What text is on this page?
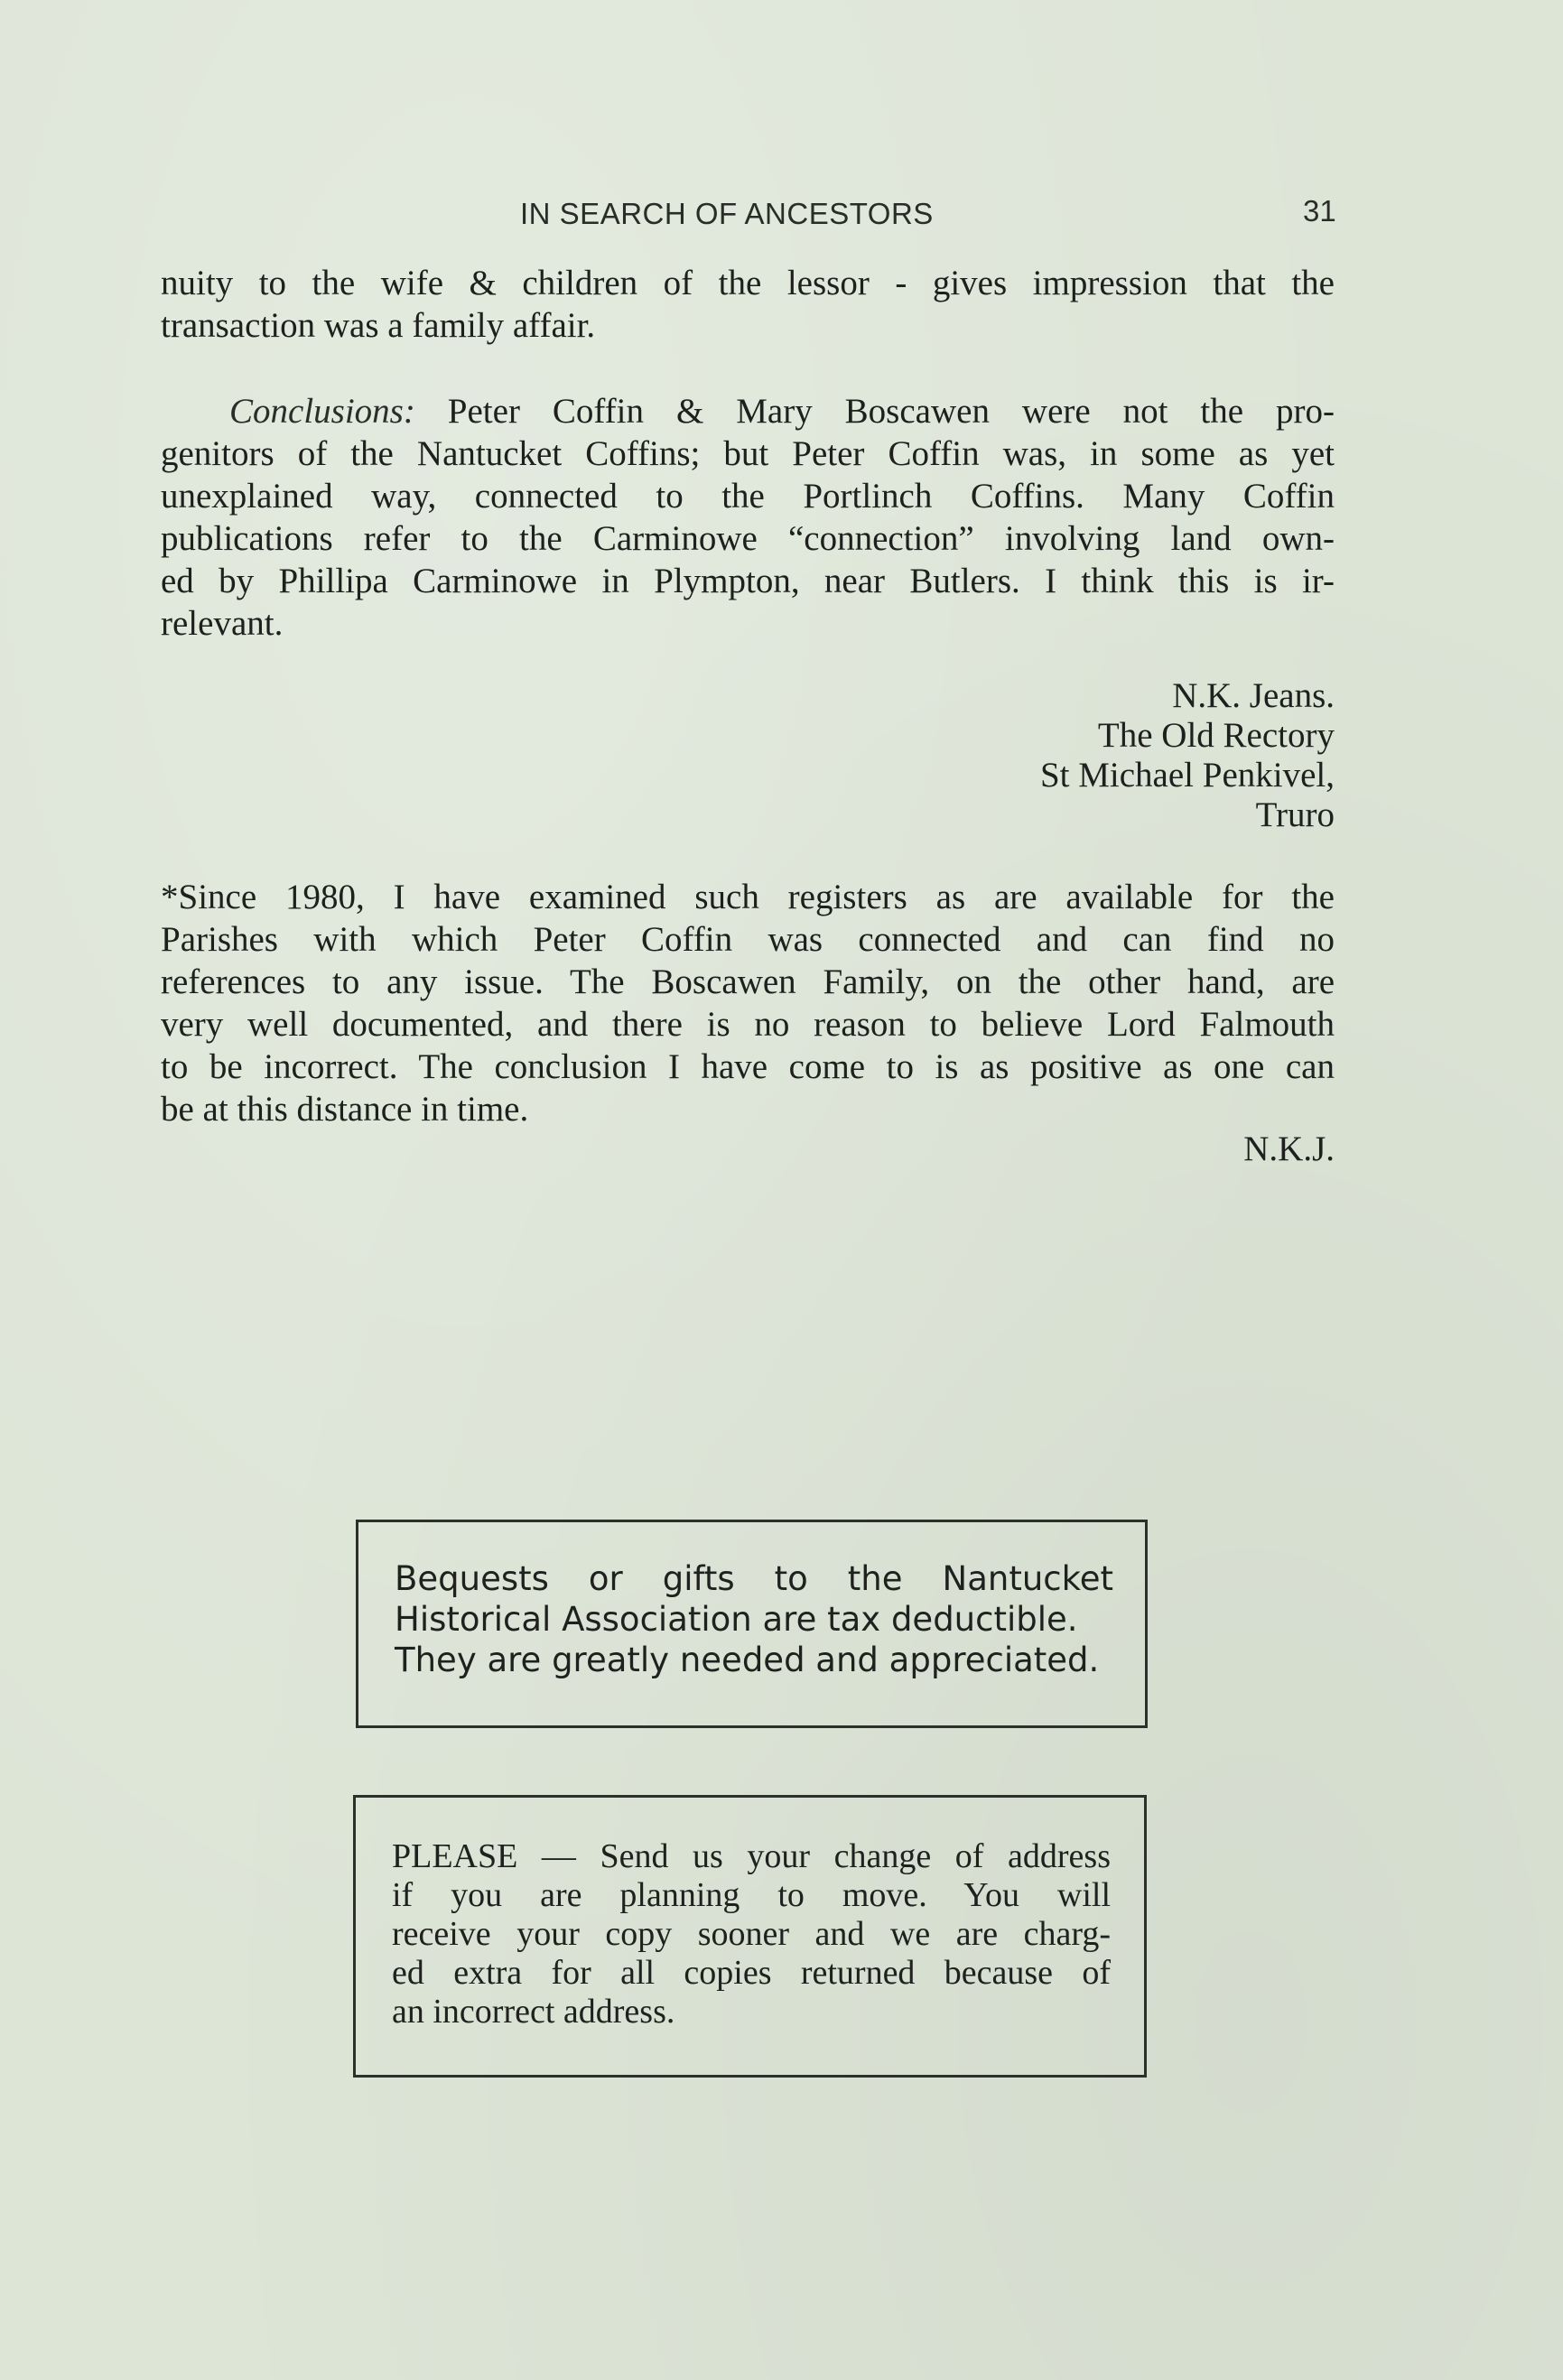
IN SEARCH OF ANCESTORS	31

nuity to the wife & children of the lessor - gives impression that the
transaction was a family affair.

Conclusions: Peter Coffin & Mary Boscawen were not the pro-
genitors of the Nantucket Coffins; but Peter Coffin was, in some as yet
unexplained way, connected to the Portlinch Coffins. Many Coffin
publications refer to the Carminowe “connection” involving land own-
ed by Phillipa Carminowe in Plympton, near Butlers. I think this is ir-
relevant.

N.K. Jeans.
The Old Rectory
St Michael Penkivel,
Truro

*Since 1980, I have examined such registers as are available for the
Parishes with which Peter Coffin was connected and can find no
references to any issue. The Boscawen Family, on the other hand, are
very well documented, and there is no reason to believe Lord Falmouth
to be incorrect. The conclusion I have come to is as positive as one can
be at this distance in time.

N.K.J.

Bequests or gifts to the Nantucket
Historical Association are tax deductible.
They are greatly needed and appreciated.

PLEASE — Send us your change of address
if you are planning to move. You will
receive your copy sooner and we are charg-
ed extra for all copies returned because of
an incorrect address.
